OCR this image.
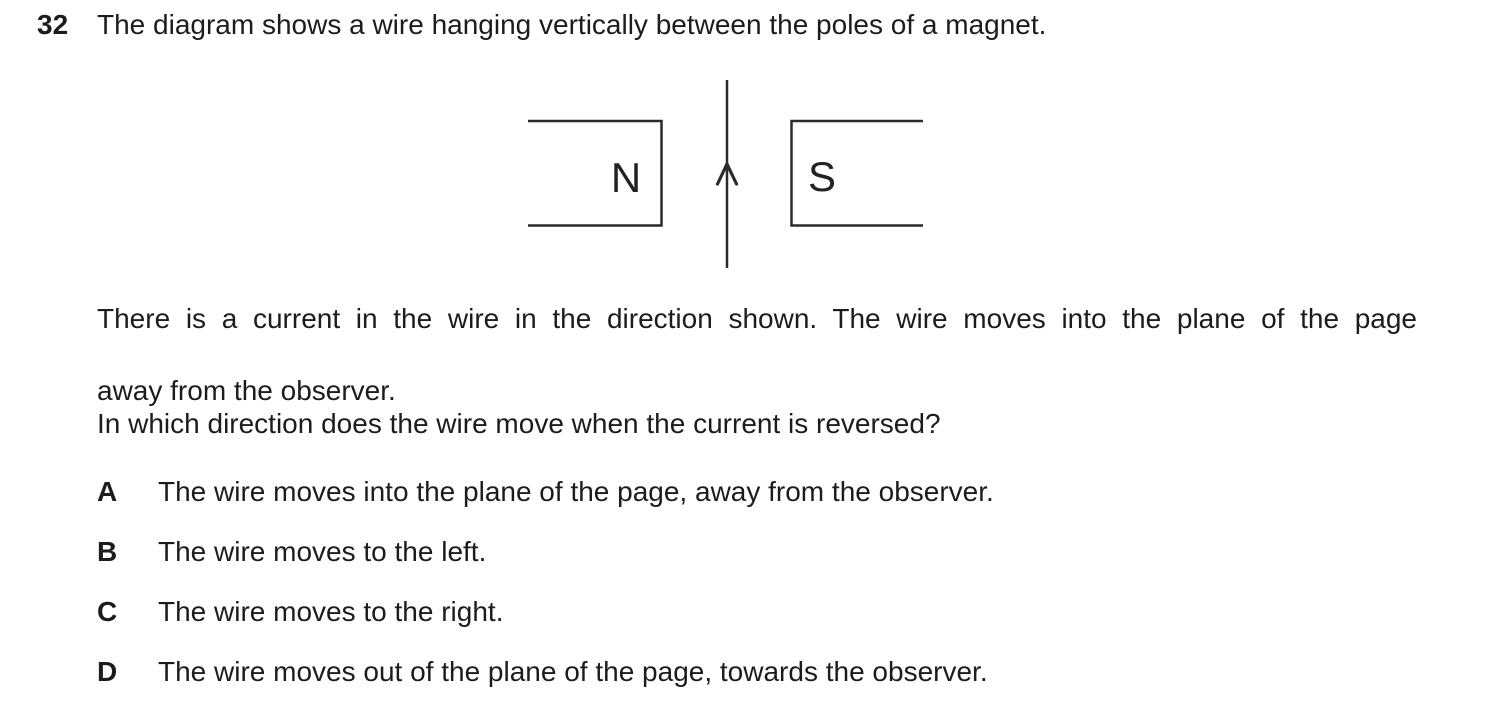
32 The diagram shows a wire hanging vertically between the poles of a magnet.
N	S
There is a current in the wire in the direction shown. The wire moves into the plane of the page
away from the observer.
In which direction does the wire move when the current is reversed?
A	The wire moves into the plane of the page, away from the observer.
B	The wire moves to the left.
C	The wire moves to the right.
D	The wire moves out of the plane of the page, towards the observer.
